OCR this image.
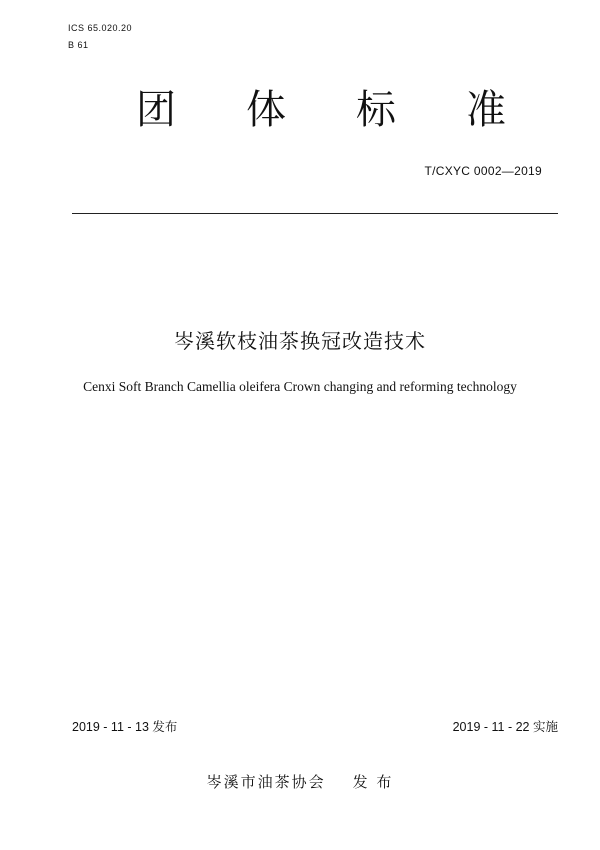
ICS 65.020.20
B 61
团 体 标 准
T/CXYC 0002—2019
岑溪软枝油茶换冠改造技术
Cenxi Soft Branch Camellia oleifera Crown changing and reforming technology
2019 - 11 - 13 发布	2019 - 11 - 22 实施
岑溪市油茶协会    发 布
